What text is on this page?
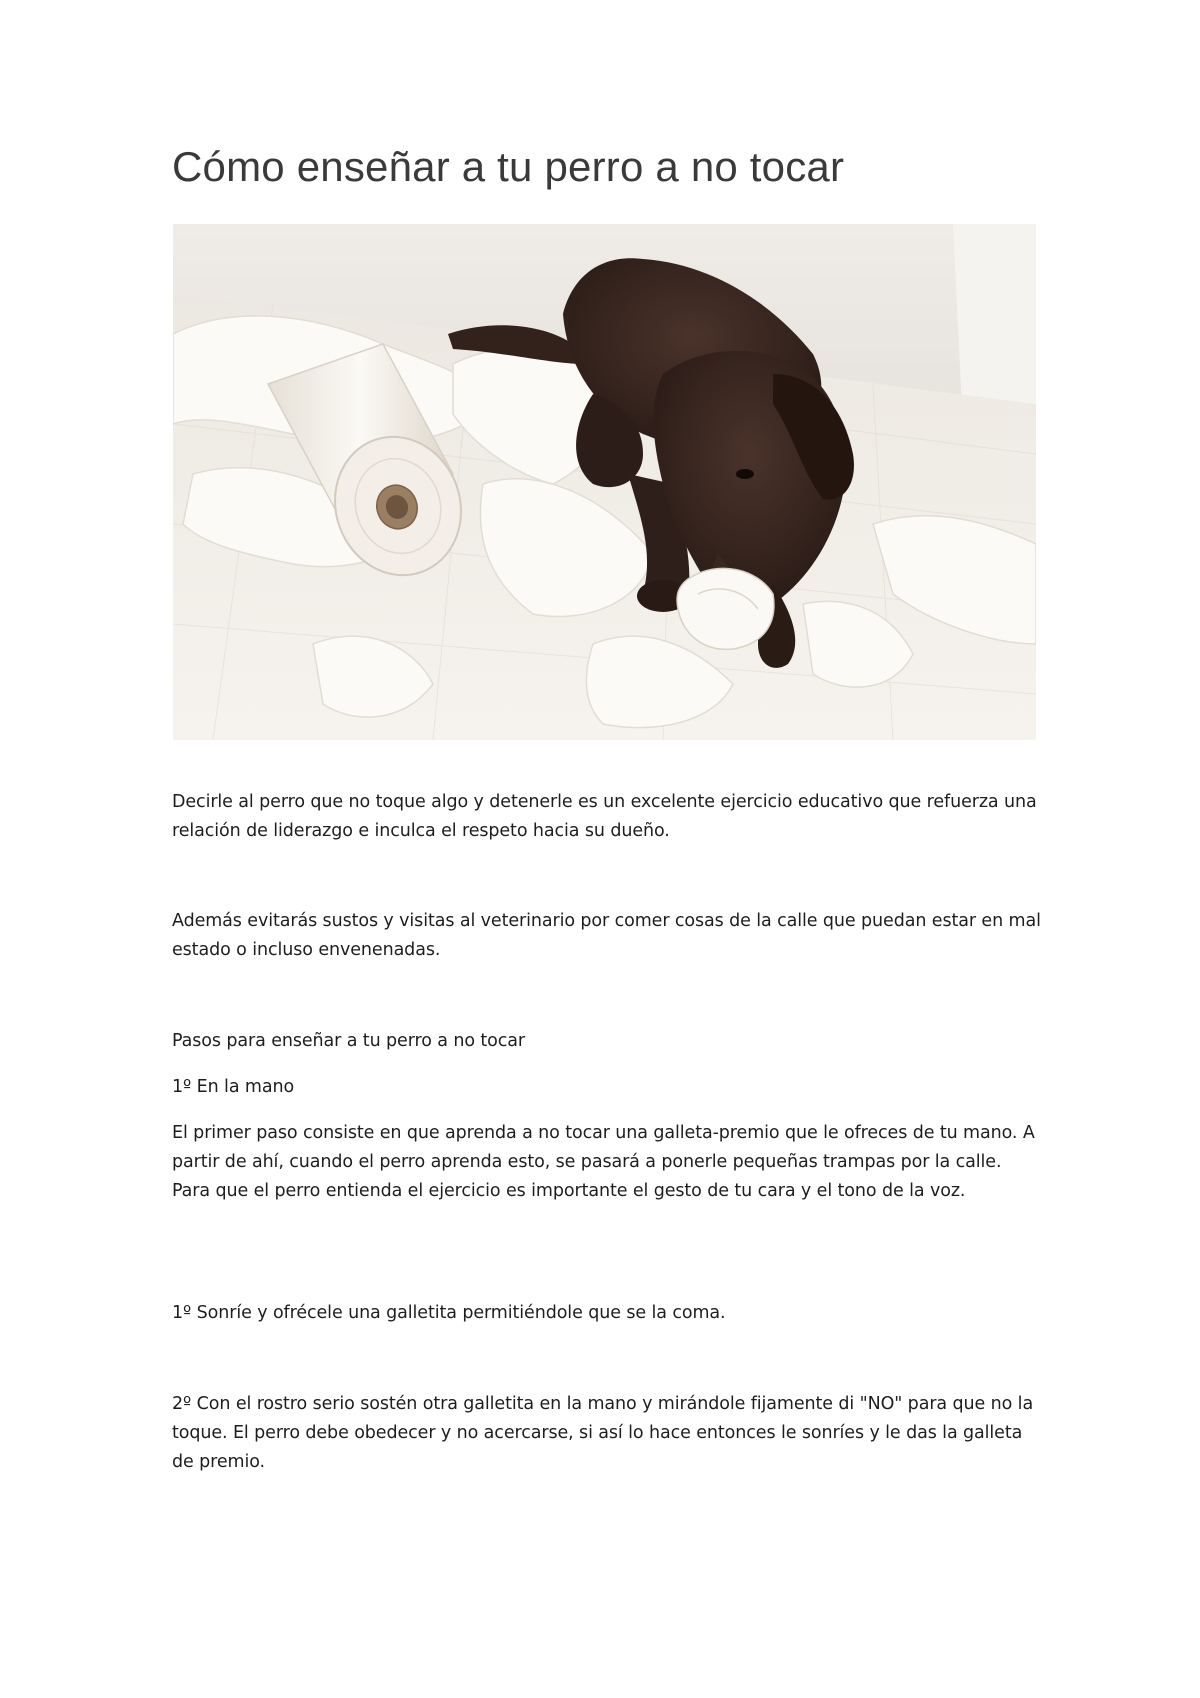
Cómo enseñar a tu perro a no tocar

Decirle al perro que no toque algo y detenerle es un excelente ejercicio educativo que refuerza una relación de liderazgo e inculca el respeto hacia su dueño.

Además evitarás sustos y visitas al veterinario por comer cosas de la calle que puedan estar en mal estado o incluso envenenadas.

Pasos para enseñar a tu perro a no tocar

1º En la mano

El primer paso consiste en que aprenda a no tocar una galleta-premio que le ofreces de tu mano. A partir de ahí, cuando el perro aprenda esto, se pasará a ponerle pequeñas trampas por la calle. Para que el perro entienda el ejercicio es importante el gesto de tu cara y el tono de la voz.

1º Sonríe y ofrécele una galletita permitiéndole que se la coma.

2º Con el rostro serio sostén otra galletita en la mano y mirándole fijamente di "NO" para que no la toque. El perro debe obedecer y no acercarse, si así lo hace entonces le sonríes y le das la galleta de premio.
